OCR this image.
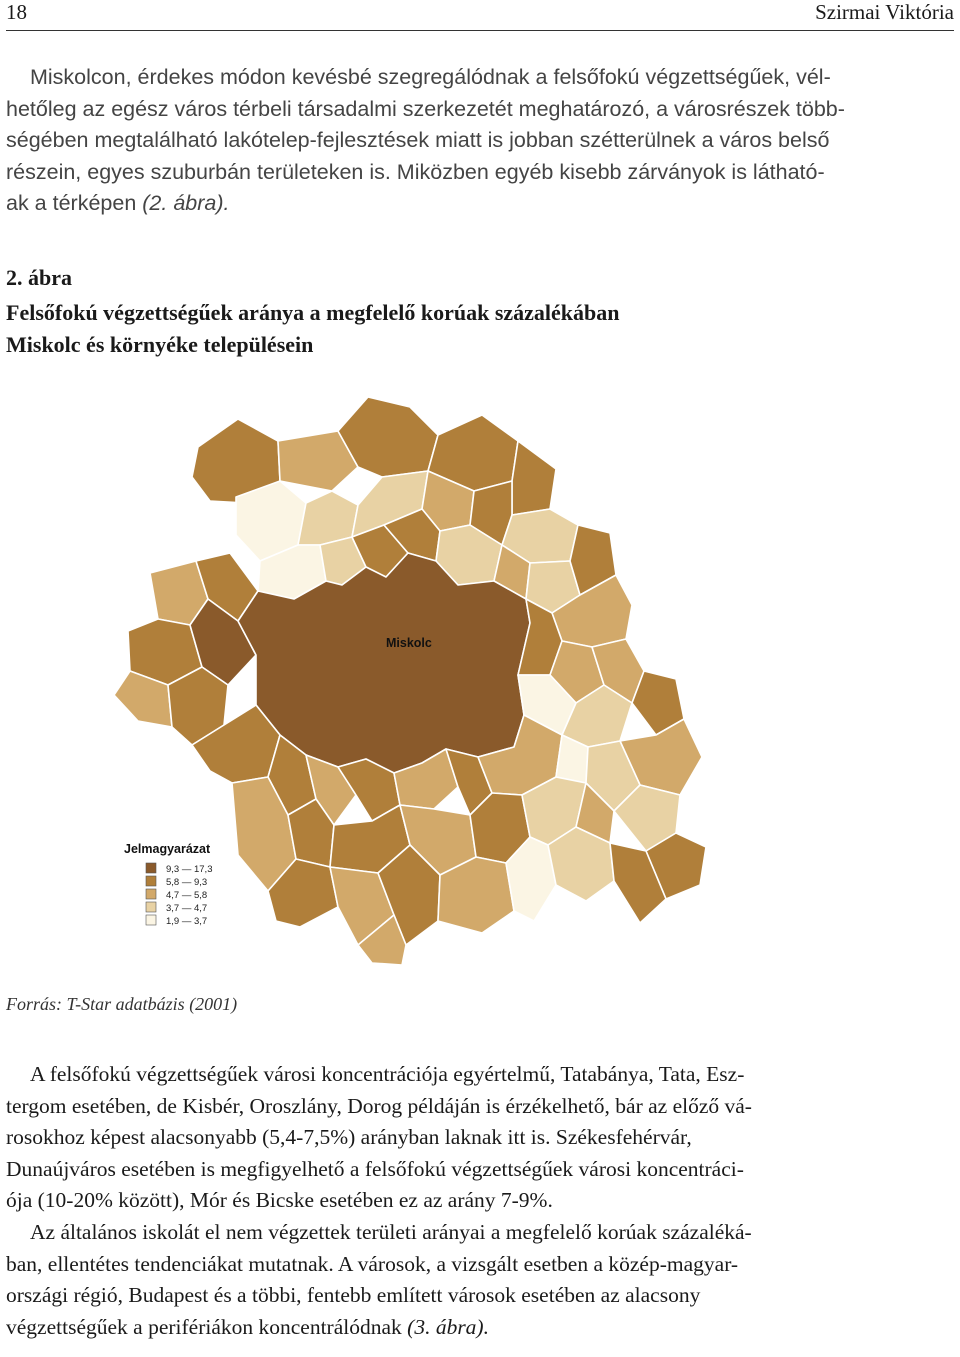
18	Szirmai Viktória
Miskolcon, érdekes módon kevésbé szegregálódnak a felsőfokú végzettségűek, vél-
hetőleg az egész város térbeli társadalmi szerkezetét meghatározó, a városrészek több-
ségében megtalálható lakótelep-fejlesztések miatt is jobban szétterülnek a város belső
részein, egyes szuburbán területeken is. Miközben egyéb kisebb zárványok is látható-
ak a térképen (2. ábra).
2. ábra
Felsőfokú végzettségűek aránya a megfelelő korúak százalékában
Miskolc és környéke településein
Miskolc
Jelmagyarázat
9,3 — 17,3
5,8 — 9,3
4,7 — 5,8
3,7 — 4,7
1,9 — 3,7
Forrás: T-Star adatbázis (2001)
A felsőfokú végzettségűek városi koncentrációja egyértelmű, Tatabánya, Tata, Esz-
tergom esetében, de Kisbér, Oroszlány, Dorog példáján is érzékelhető, bár az előző vá-
rosokhoz képest alacsonyabb (5,4-7,5%) arányban laknak itt is. Székesfehérvár,
Dunaújváros esetében is megfigyelhető a felsőfokú végzettségűek városi koncentráci-
ója (10-20% között), Mór és Bicske esetében ez az arány 7-9%.
Az általános iskolát el nem végzettek területi arányai a megfelelő korúak százaléká-
ban, ellentétes tendenciákat mutatnak. A városok, a vizsgált esetben a közép-magyar-
országi régió, Budapest és a többi, fentebb említett városok esetében az alacsony
végzettségűek a perifériákon koncentrálódnak (3. ábra).
